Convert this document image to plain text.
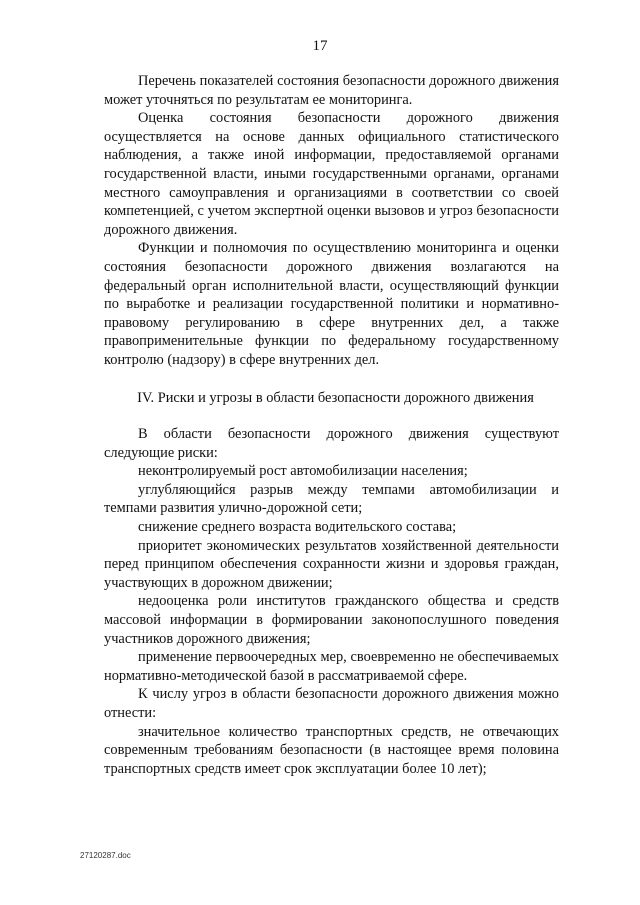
17

Перечень показателей состояния безопасности дорожного движения может уточняться по результатам ее мониторинга.

Оценка состояния безопасности дорожного движения осуществляется на основе данных официального статистического наблюдения, а также иной информации, предоставляемой органами государственной власти, иными государственными органами, органами местного самоуправления и организациями в соответствии со своей компетенцией, с учетом экспертной оценки вызовов и угроз безопасности дорожного движения.

Функции и полномочия по осуществлению мониторинга и оценки состояния безопасности дорожного движения возлагаются на федеральный орган исполнительной власти, осуществляющий функции по выработке и реализации государственной политики и нормативно-правовому регулированию в сфере внутренних дел, а также правоприменительные функции по федеральному государственному контролю (надзору) в сфере внутренних дел.

IV. Риски и угрозы в области безопасности дорожного движения

В области безопасности дорожного движения существуют следующие риски:

неконтролируемый рост автомобилизации населения;

углубляющийся разрыв между темпами автомобилизации и темпами развития улично-дорожной сети;

снижение среднего возраста водительского состава;

приоритет экономических результатов хозяйственной деятельности перед принципом обеспечения сохранности жизни и здоровья граждан, участвующих в дорожном движении;

недооценка роли институтов гражданского общества и средств массовой информации в формировании законопослушного поведения участников дорожного движения;

применение первоочередных мер, своевременно не обеспечиваемых нормативно-методической базой в рассматриваемой сфере.

К числу угроз в области безопасности дорожного движения можно отнести:

значительное количество транспортных средств, не отвечающих современным требованиям безопасности (в настоящее время половина транспортных средств имеет срок эксплуатации более 10 лет);

27120287.doc
